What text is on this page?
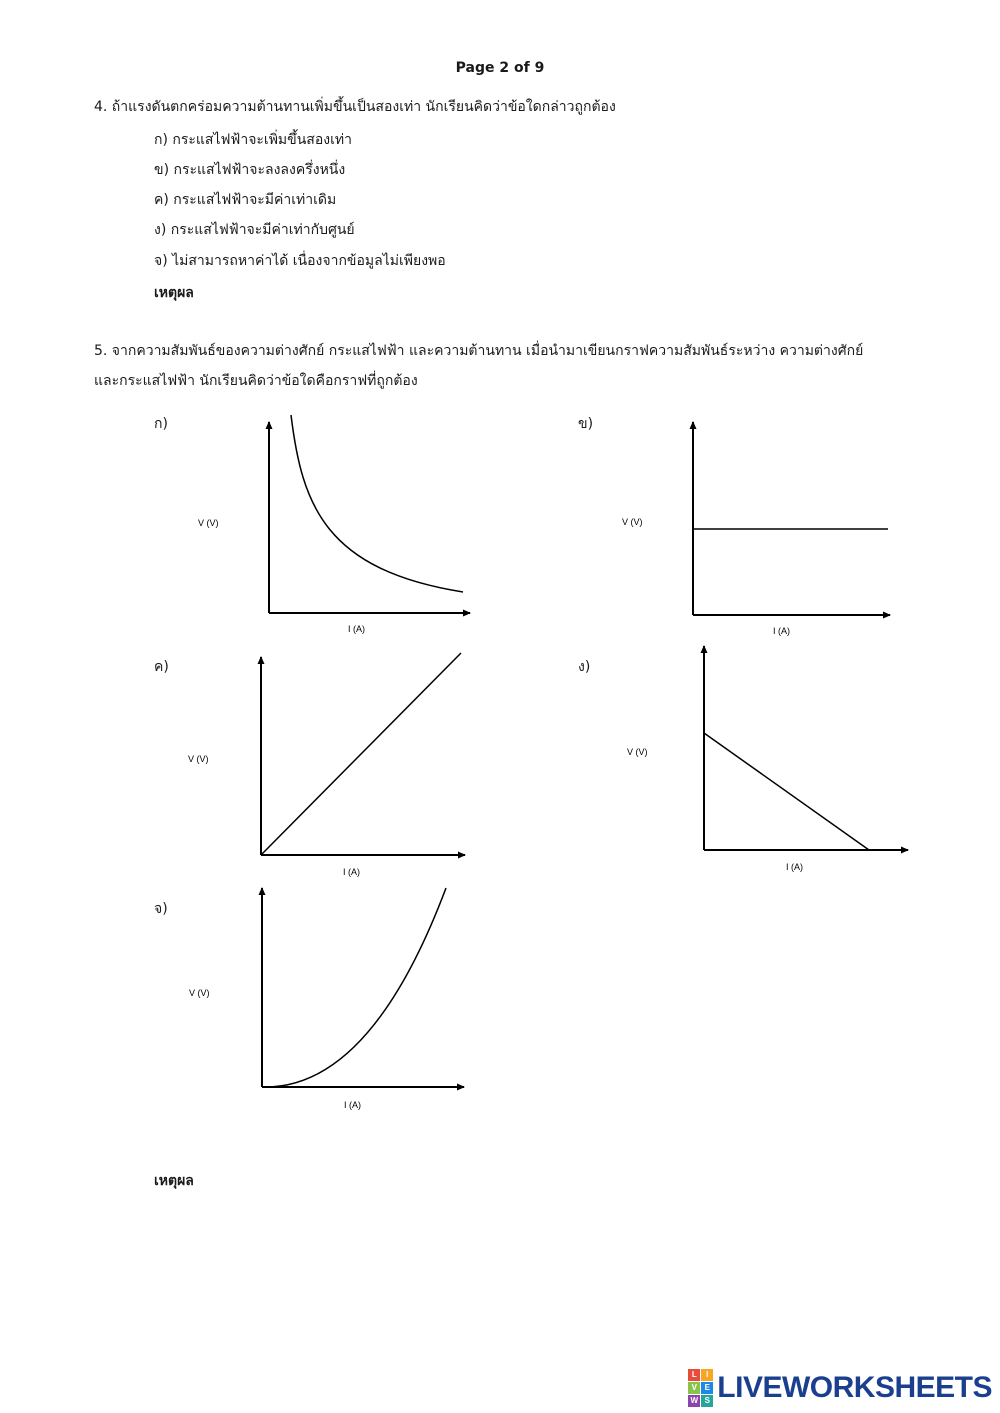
Page 2 of 9
4. ถ้าแรงดันตกคร่อมความต้านทานเพิ่มขึ้นเป็นสองเท่า นักเรียนคิดว่าข้อใดกล่าวถูกต้อง
ก) กระแสไฟฟ้าจะเพิ่มขึ้นสองเท่า
ข) กระแสไฟฟ้าจะลงลงครึ่งหนึ่ง
ค) กระแสไฟฟ้าจะมีค่าเท่าเดิม
ง) กระแสไฟฟ้าจะมีค่าเท่ากับศูนย์
จ) ไม่สามารถหาค่าได้ เนื่องจากข้อมูลไม่เพียงพอ
เหตุผล
5. จากความสัมพันธ์ของความต่างศักย์ กระแสไฟฟ้า และความต้านทาน เมื่อนำมาเขียนกราฟความสัมพันธ์ระหว่าง ความต่างศักย์
และกระแสไฟฟ้า นักเรียนคิดว่าข้อใดคือกราฟที่ถูกต้อง
ก)	ข)
ค)	ง)
จ)
V (V)
I (A)
V (V)
I (A)
V (V)
I (A)
V (V)
I (A)
V (V)
I (A)
เหตุผล
L	I
V E
W S LIVEWORKSHEETS
